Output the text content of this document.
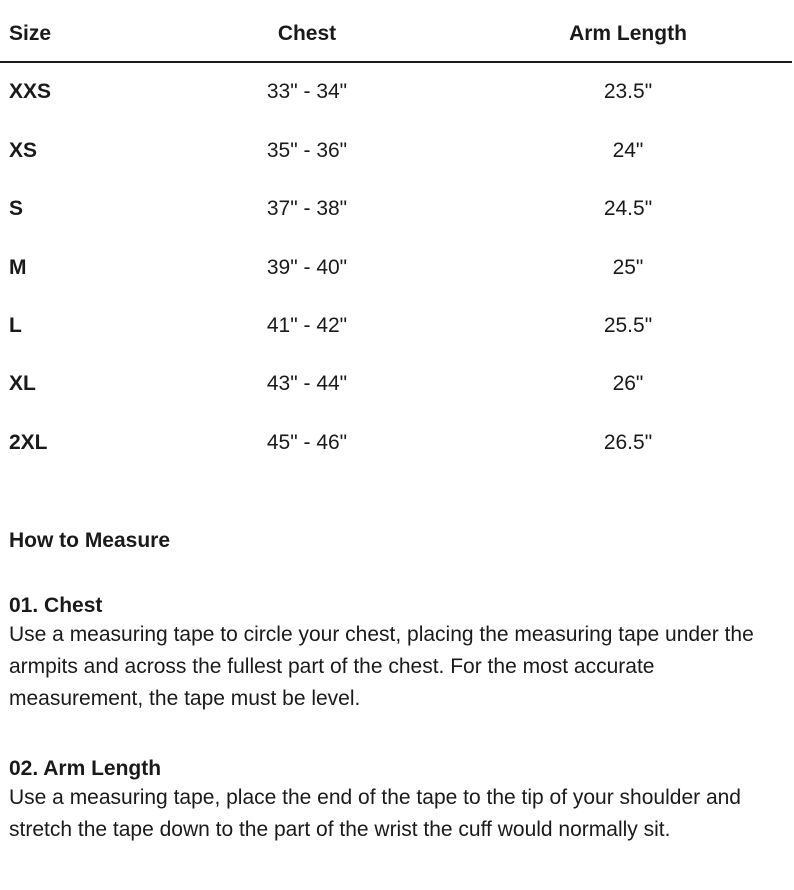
Size	Chest	Arm Length
XXS	33" - 34"	23.5"
XS	35" - 36"	24"
S	37" - 38"	24.5"
M	39" - 40"	25"
L	41" - 42"	25.5"
XL	43" - 44"	26"
2XL	45" - 46"	26.5"
How to Measure
01. Chest

Use a measuring tape to circle your chest, placing the measuring tape under the armpits and across the fullest part of the chest. For the most accurate measurement, the tape must be level.

02. Arm Length

Use a measuring tape, place the end of the tape to the tip of your shoulder and stretch the tape down to the part of the wrist the cuff would normally sit.
